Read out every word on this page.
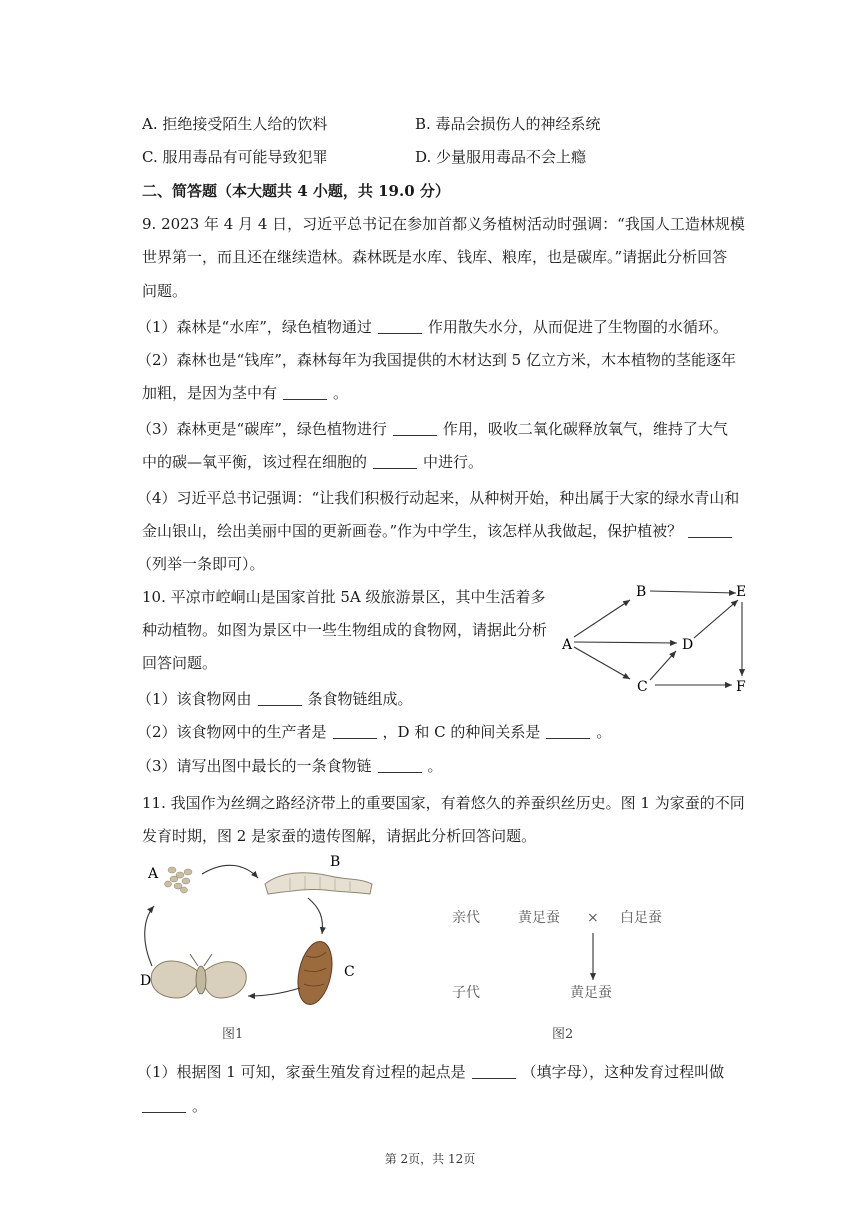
A. 拒绝接受陌生人给的饮料	B. 毒品会损伤人的神经系统
C. 服用毒品有可能导致犯罪	D. 少量服用毒品不会上瘾
二、简答题（本大题共 4 小题，共 19.0 分）
9. 2023 年 4 月 4 日，习近平总书记在参加首都义务植树活动时强调：“我国人工造林规模
世界第一，而且还在继续造林。森林既是水库、钱库、粮库，也是碳库。”请据此分析回答
问题。
（1）森林是“水库”，绿色植物通过	作用散失水分，从而促进了生物圈的水循环。
（2）森林也是“钱库”，森林每年为我国提供的木材达到 5 亿立方米，木本植物的茎能逐年
加粗，是因为茎中有	。
（3）森林更是“碳库”，绿色植物进行	作用，吸收二氧化碳释放氧气，维持了大气
中的碳—氧平衡，该过程在细胞的	中进行。
（4）习近平总书记强调：“让我们积极行动起来，从种树开始，种出属于大家的绿水青山和
金山银山，绘出美丽中国的更新画卷。”作为中学生，该怎样从我做起，保护植被？
（列举一条即可）。
10. 平凉市崆峒山是国家首批 5A 级旅游景区，其中生活着多
种动植物。如图为景区中一些生物组成的食物网，请据此分析
回答问题。
A
B
C
D
E
F
（1）该食物网由	条食物链组成。
（2）该食物网中的生产者是	，D 和 C 的种间关系是	。
（3）请写出图中最长的一条食物链	。
11. 我国作为丝绸之路经济带上的重要国家，有着悠久的养蚕织丝历史。图 1 为家蚕的不同
发育时期，图 2 是家蚕的遗传图解，请据此分析回答问题。
A
B
C
D
图1
亲代	黄足蚕 × 白足蚕
子代	黄足蚕
图2
（1）根据图 1 可知，家蚕生殖发育过程的起点是	（填字母），这种发育过程叫做
。
第 2页，共 12页
